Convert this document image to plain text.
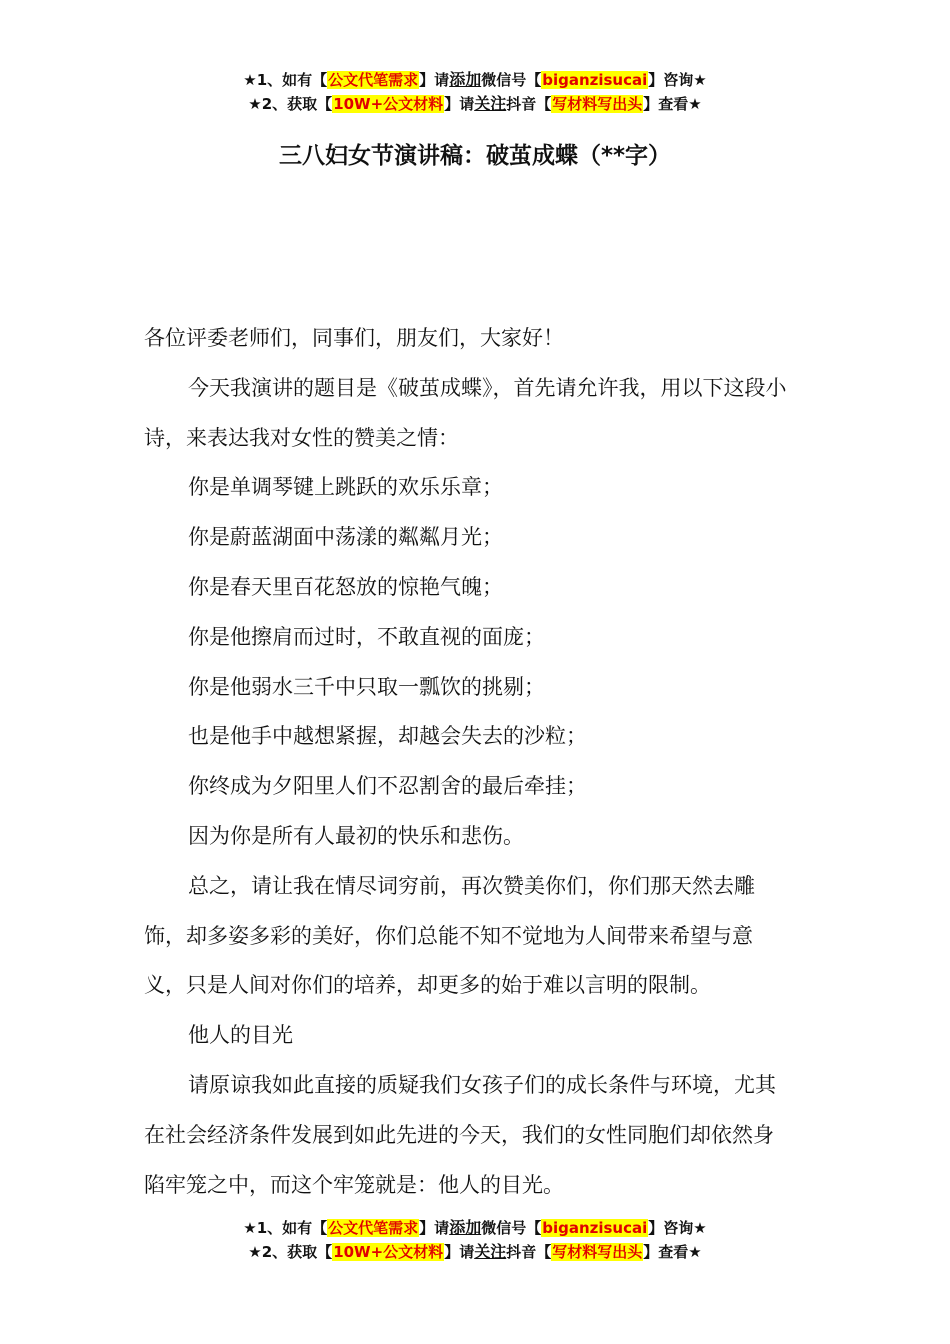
★1、如有【公文代笔需求】请添加微信号【biganzisucai】咨询★
★2、获取【10W+公文材料】请关注抖音【写材料写出头】查看★
三八妇女节演讲稿：破茧成蝶（**字）

各位评委老师们，同事们，朋友们，大家好！

今天我演讲的题目是《破茧成蝶》，首先请允许我，用以下这段小诗，来表达我对女性的赞美之情：

你是单调琴键上跳跃的欢乐乐章；

你是蔚蓝湖面中荡漾的粼粼月光；

你是春天里百花怒放的惊艳气魄；

你是他擦肩而过时，不敢直视的面庞；

你是他弱水三千中只取一瓢饮的挑剔；

也是他手中越想紧握，却越会失去的沙粒；

你终成为夕阳里人们不忍割舍的最后牵挂；

因为你是所有人最初的快乐和悲伤。

总之，请让我在情尽词穷前，再次赞美你们，你们那天然去雕饰，却多姿多彩的美好，你们总能不知不觉地为人间带来希望与意义，只是人间对你们的培养，却更多的始于难以言明的限制。

他人的目光

请原谅我如此直接的质疑我们女孩子们的成长条件与环境，尤其在社会经济条件发展到如此先进的今天，我们的女性同胞们却依然身陷牢笼之中，而这个牢笼就是：他人的目光。

★1、如有【公文代笔需求】请添加微信号【biganzisucai】咨询★
★2、获取【10W+公文材料】请关注抖音【写材料写出头】查看★
